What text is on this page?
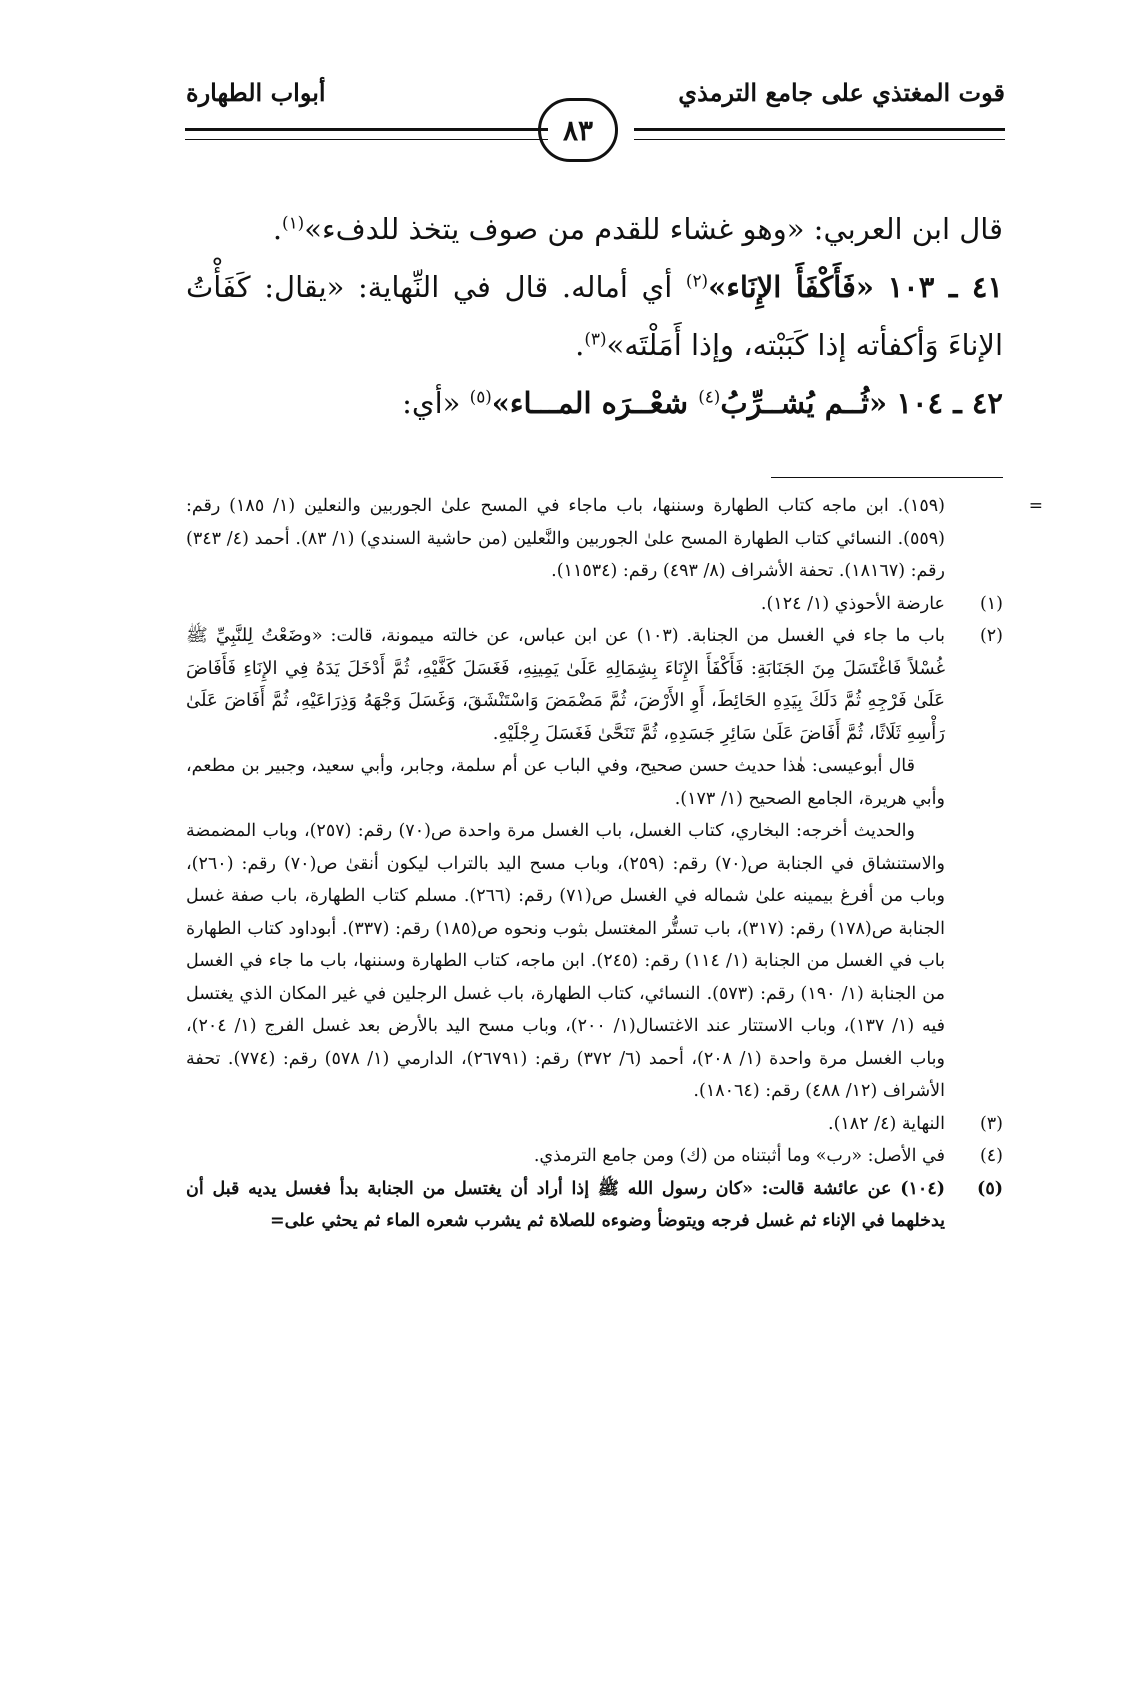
قوت المغتذي على جامع الترمذي
أبواب الطهارة
٨٣

قال ابن العربي: «وهو غشاء للقدم من صوف يتخذ للدفء»$^{(١)}$.

٤١ ـ ١٠٣ «فَأَكْفَأَ الإِنَاء»$^{(٢)}$ أي أماله. قال في النِّهاية: «يقال: كَفَأْتُ الإناءَ وَأكفأته إذا كَبَبْته، وإذا أَمَلْتَه»$^{(٣)}$.

٤٢ ـ ١٠٤ «ثُــم يُشــرِّبُ$^{(٤)}$ شعْــرَه المـــاء»$^{(٥)}$ «أي:

=

(١٥٩). ابن ماجه كتاب الطهارة وسننها، باب ماجاء في المسح علىٰ الجوربين والنعلين (١/ ١٨٥) رقم: (٥٥٩). النسائي كتاب الطهارة المسح علىٰ الجوربين والنَّعلين (من حاشية السندي) (١/ ٨٣). أحمد (٤/ ٣٤٣) رقم: (١٨١٦٧). تحفة الأشراف (٨/ ٤٩٣) رقم: (١١٥٣٤).

(١)

عارضة الأحوذي (١/ ١٢٤).

(٢)

باب ما جاء في الغسل من الجنابة. (١٠٣) عن ابن عباس، عن خالته ميمونة، قالت: «وضَعْتُ لِلنَّبِيِّ ﷺ غُسْلاً فَاغْتَسَلَ مِنَ الجَنَابَةِ: فَأَكْفَأَ الإِنَاءَ بِشِمَالِهِ عَلَىٰ يَمِينِهِ، فَغَسَلَ كَفَّيْهِ، ثُمَّ أَدْخَلَ يَدَهُ فِي الإِنَاءِ فَأَفَاضَ عَلَىٰ فَرْجِهِ ثُمَّ دَلَكَ بِيَدِهِ الحَائِطَ، أَوِ الأَرْضَ، ثُمَّ مَضْمَضَ وَاسْتَنْشَقَ، وَغَسَلَ وَجْهَهُ وَذِرَاعَيْهِ، ثُمَّ أَفَاضَ عَلَىٰ رَأْسِهِ ثَلَاثًا، ثُمَّ أَفَاضَ عَلَىٰ سَائِرِ جَسَدِهِ، ثُمَّ تَنَحَّىٰ فَغَسَلَ رِجْلَيْهِ.

قال أبوعيسى: هٰذا حديث حسن صحيح، وفي الباب عن أم سلمة، وجابر، وأبي سعيد، وجبير بن مطعم، وأبي هريرة، الجامع الصحيح (١/ ١٧٣).

والحديث أخرجه: البخاري، كتاب الغسل، باب الغسل مرة واحدة ص(٧٠) رقم: (٢٥٧)، وباب المضمضة والاستنشاق في الجنابة ص(٧٠) رقم: (٢٥٩)، وباب مسح اليد بالتراب ليكون أنقىٰ ص(٧٠) رقم: (٢٦٠)، وباب من أفرغ بيمينه علىٰ شماله في الغسل ص(٧١) رقم: (٢٦٦). مسلم كتاب الطهارة، باب صفة غسل الجنابة ص(١٧٨) رقم: (٣١٧)، باب تستُّر المغتسل بثوب ونحوه ص(١٨٥) رقم: (٣٣٧). أبوداود كتاب الطهارة باب في الغسل من الجنابة (١/ ١١٤) رقم: (٢٤٥). ابن ماجه، كتاب الطهارة وسننها، باب ما جاء في الغسل من الجنابة (١/ ١٩٠) رقم: (٥٧٣). النسائي، كتاب الطهارة، باب غسل الرجلين في غير المكان الذي يغتسل فيه (١/ ١٣٧)، وباب الاستتار عند الاغتسال(١/ ٢٠٠)، وباب مسح اليد بالأرض بعد غسل الفرج (١/ ٢٠٤)، وباب الغسل مرة واحدة (١/ ٢٠٨)، أحمد (٦/ ٣٧٢) رقم: (٢٦٧٩١)، الدارمي (١/ ٥٧٨) رقم: (٧٧٤). تحفة الأشراف (١٢/ ٤٨٨) رقم: (١٨٠٦٤).

(٣)

النهاية (٤/ ١٨٢).

(٤)

في الأصل: «رب» وما أثبتناه من (ك) ومن جامع الترمذي.

(٥)

(١٠٤) عن عائشة قالت: «كان رسول الله ﷺ إذا أراد أن يغتسل من الجنابة بدأ فغسل يديه قبل أن يدخلهما في الإناء ثم غسل فرجه ويتوضأ وضوءه للصلاة ثم يشرب شعره الماء ثم يحثي على=
